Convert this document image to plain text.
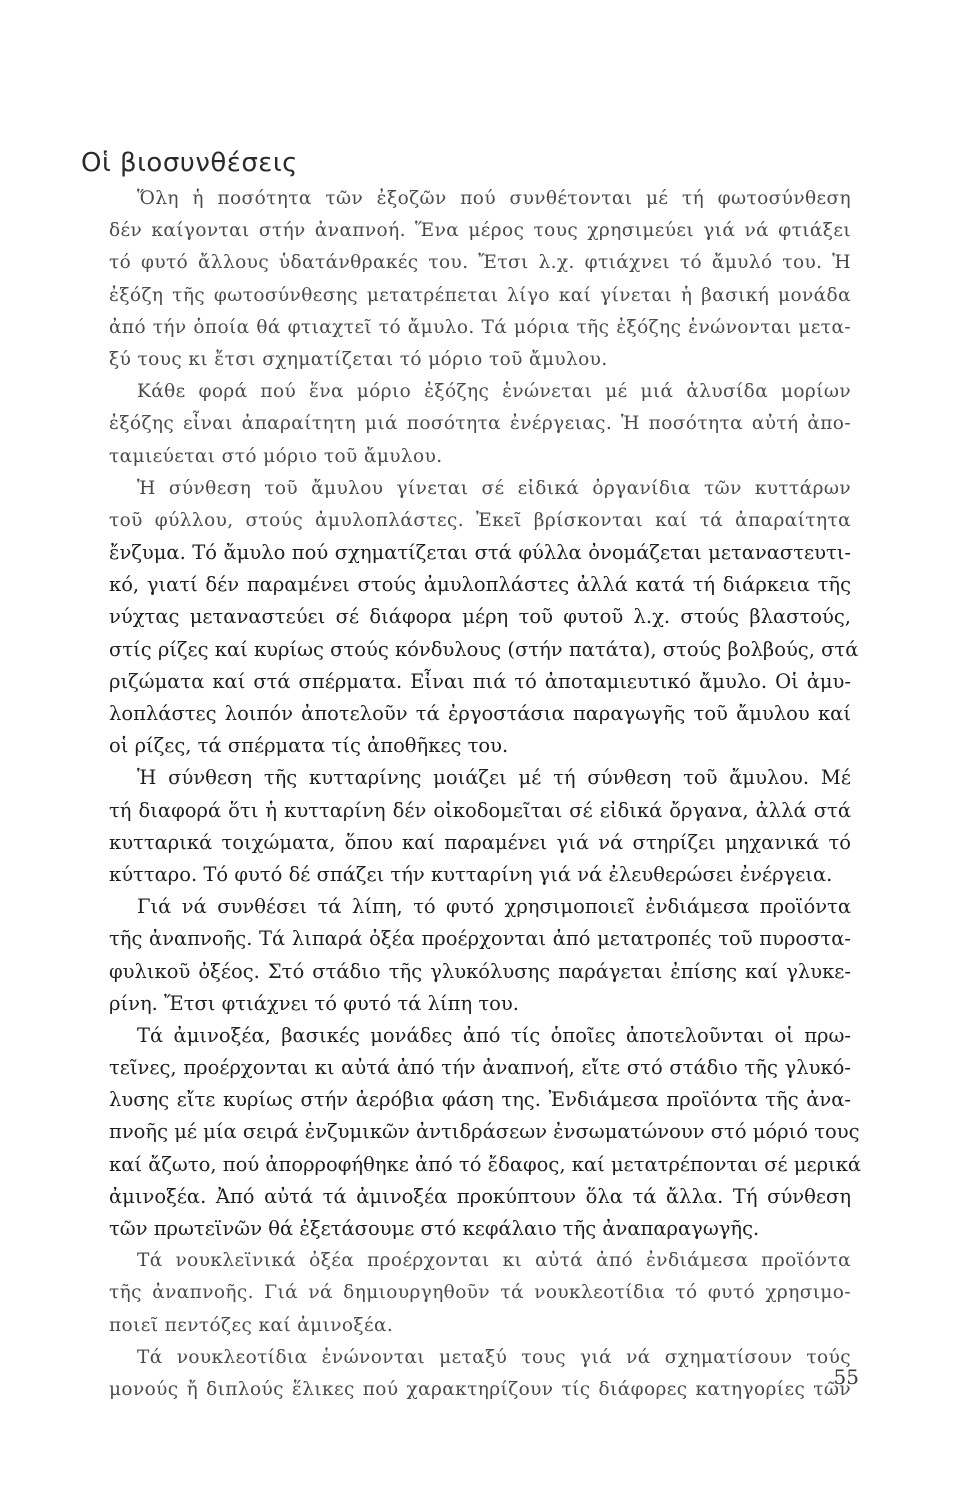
Οἱ βιοσυνθέσεις
Ὅλη ἡ ποσότητα τῶν ἐξοζῶν πού συνθέτονται μέ τή φωτοσύνθεση
δέν καίγονται στήν ἀναπνοή. Ἕνα μέρος τους χρησιμεύει γιά νά φτιάξει
τό φυτό ἄλλους ὑδατάνθρακές του. Ἔτσι λ.χ. φτιάχνει τό ἄμυλό του. Ἡ
ἐξόζη τῆς φωτοσύνθεσης μετατρέπεται λίγο καί γίνεται ἡ βασική μονάδα
ἀπό τήν ὁποία θά φτιαχτεῖ τό ἄμυλο. Τά μόρια τῆς ἐξόζης ἑνώνονται μετα-
ξύ τους κι ἔτσι σχηματίζεται τό μόριο τοῦ ἄμυλου.
Κάθε φορά πού ἕνα μόριο ἐξόζης ἑνώνεται μέ μιά ἁλυσίδα μορίων
ἐξόζης εἶναι ἀπαραίτητη μιά ποσότητα ἐνέργειας. Ἡ ποσότητα αὐτή ἀπο-
ταμιεύεται στό μόριο τοῦ ἄμυλου.
Ἡ σύνθεση τοῦ ἄμυλου γίνεται σέ εἰδικά ὀργανίδια τῶν κυττάρων
τοῦ φύλλου, στούς ἀμυλοπλάστες. Ἐκεῖ βρίσκονται καί τά ἀπαραίτητα
ἔνζυμα. Τό ἄμυλο πού σχηματίζεται στά φύλλα ὀνομάζεται μεταναστευτι-
κό, γιατί δέν παραμένει στούς ἀμυλοπλάστες ἀλλά κατά τή διάρκεια τῆς
νύχτας μεταναστεύει σέ διάφορα μέρη τοῦ φυτοῦ λ.χ. στούς βλαστούς,
στίς ρίζες καί κυρίως στούς κόνδυλους (στήν πατάτα), στούς βολβούς, στά
ριζώματα καί στά σπέρματα. Εἶναι πιά τό ἀποταμιευτικό ἄμυλο. Οἱ ἀμυ-
λοπλάστες λοιπόν ἀποτελοῦν τά ἐργοστάσια παραγωγῆς τοῦ ἄμυλου καί
οἱ ρίζες, τά σπέρματα τίς ἀποθῆκες του.
Ἡ σύνθεση τῆς κυτταρίνης μοιάζει μέ τή σύνθεση τοῦ ἄμυλου. Μέ
τή διαφορά ὅτι ἡ κυτταρίνη δέν οἰκοδομεῖται σέ εἰδικά ὄργανα, ἀλλά στά
κυτταρικά τοιχώματα, ὅπου καί παραμένει γιά νά στηρίζει μηχανικά τό
κύτταρο. Τό φυτό δέ σπάζει τήν κυτταρίνη γιά νά ἐλευθερώσει ἐνέργεια.
Γιά νά συνθέσει τά λίπη, τό φυτό χρησιμοποιεῖ ἐνδιάμεσα προϊόντα
τῆς ἀναπνοῆς. Τά λιπαρά ὀξέα προέρχονται ἀπό μετατροπές τοῦ πυροστα-
φυλικοῦ ὀξέος. Στό στάδιο τῆς γλυκόλυσης παράγεται ἐπίσης καί γλυκε-
ρίνη. Ἔτσι φτιάχνει τό φυτό τά λίπη του.
Τά ἀμινοξέα, βασικές μονάδες ἀπό τίς ὁποῖες ἀποτελοῦνται οἱ πρω-
τεῖνες, προέρχονται κι αὐτά ἀπό τήν ἀναπνοή, εἴτε στό στάδιο τῆς γλυκό-
λυσης εἴτε κυρίως στήν ἀερόβια φάση της. Ἐνδιάμεσα προϊόντα τῆς ἀνα-
πνοῆς μέ μία σειρά ἐνζυμικῶν ἀντιδράσεων ἐνσωματώνουν στό μόριό τους
καί ἄζωτο, πού ἀπορροφήθηκε ἀπό τό ἔδαφος, καί μετατρέπονται σέ μερικά
ἀμινοξέα. Ἀπό αὐτά τά ἀμινοξέα προκύπτουν ὅλα τά ἄλλα. Τή σύνθεση
τῶν πρωτεϊνῶν θά ἐξετάσουμε στό κεφάλαιο τῆς ἀναπαραγωγῆς.
Τά νουκλεϊνικά ὀξέα προέρχονται κι αὐτά ἀπό ἐνδιάμεσα προϊόντα
τῆς ἀναπνοῆς. Γιά νά δημιουργηθοῦν τά νουκλεοτίδια τό φυτό χρησιμο-
ποιεῖ πεντόζες καί ἀμινοξέα.
Τά νουκλεοτίδια ἑνώνονται μεταξύ τους γιά νά σχηματίσουν τούς
μονούς ἤ διπλούς ἕλικες πού χαρακτηρίζουν τίς διάφορες κατηγορίες τῶν
55
